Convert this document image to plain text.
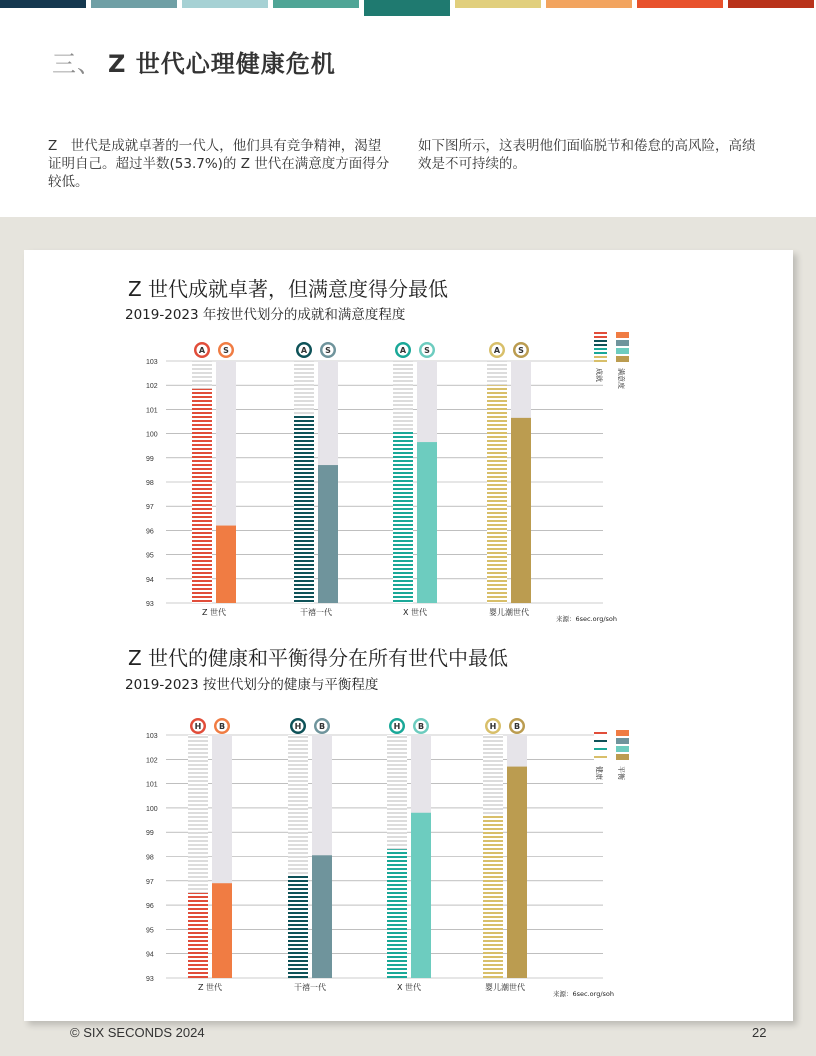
三、 Z 世代心理健康危机

Z　世代是成就卓著的一代人，他们具有竞争精神，渴望证明自己。超过半数(53.7%)的 Z 世代在满意度方面得分较低。

如下图所示，这表明他们面临脱节和倦怠的高风险，高绩效是不可持续的。

Z 世代成就卓著，但满意度得分最低

2019-2023 年按世代划分的成就和满意度程度

93
94
95
96
97
98
99
100
101
102
103
A S
Z 世代
A S
干禧一代
A S
X 世代
A S
婴儿潮世代
成就 满意度
来源：6sec.org/soh
Z 世代的健康和平衡得分在所有世代中最低

2019-2023 按世代划分的健康与平衡程度

93
94
95
96
97
98
99
100
101
102
103
H B
Z 世代
H B
干禧一代
H B
X 世代
H B
婴儿潮世代
健康 平衡
来源：6sec.org/soh
© SIX SECONDS 2024	22
